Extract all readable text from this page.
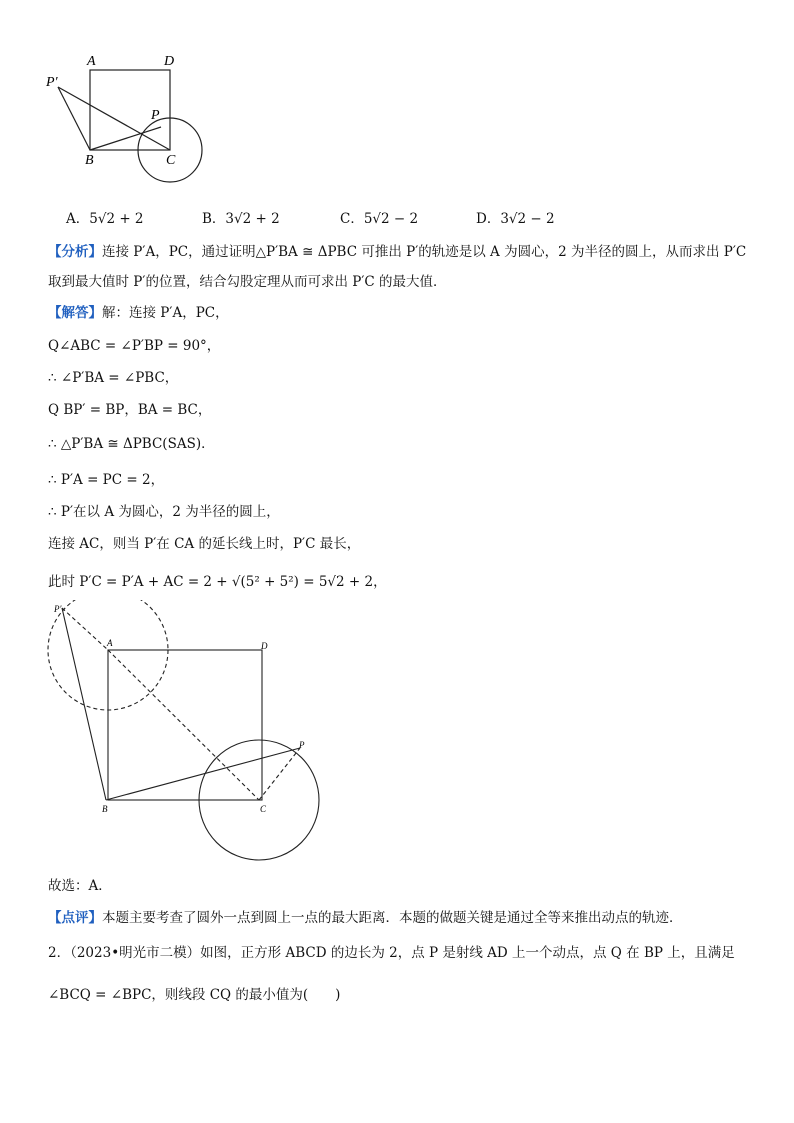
A	D
P′
P
B	C
A．5√2 + 2	B．3√2 + 2	C．5√2 − 2	D．3√2 − 2
【分析】连接 P′A，PC，通过证明△P′BA ≅ ΔPBC 可推出 P′的轨迹是以 A 为圆心，2 为半径的圆上，从而求出 P′C
取到最大值时 P′的位置，结合勾股定理从而可求出 P′C 的最大值．
【解答】解：连接 P′A，PC，
Q∠ABC = ∠P′BP = 90°，
∴ ∠P′BA = ∠PBC，
Q BP′ = BP，BA = BC，
∴ △P′BA ≅ ΔPBC(SAS)．
∴ P′A = PC = 2，
∴ P′在以 A 为圆心，2 为半径的圆上，
连接 AC，则当 P′在 CA 的延长线上时，P′C 最长，
此时 P′C = P′A + AC = 2 + √(5² + 5²) = 5√2 + 2，
P′
A	D
P
B	C
故选：A．
【点评】本题主要考查了圆外一点到圆上一点的最大距离．本题的做题关键是通过全等来推出动点的轨迹．
2．（2023•明光市二模）如图，正方形 ABCD 的边长为 2，点 P 是射线 AD 上一个动点，点 Q 在 BP 上，且满足
∠BCQ = ∠BPC，则线段 CQ 的最小值为(　　)
